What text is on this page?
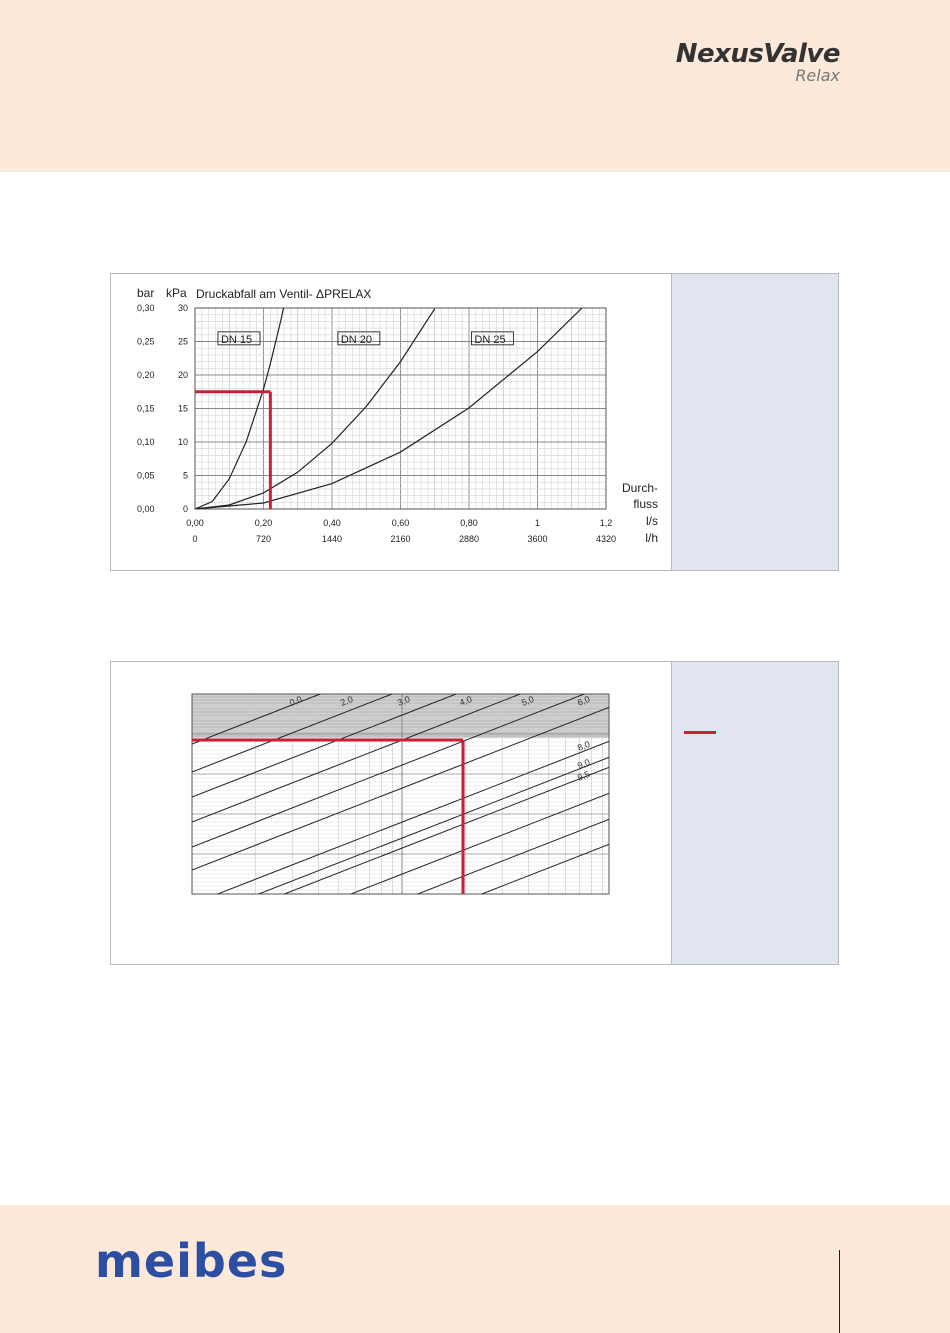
NexusValve
Relax
bar kPa Druckabfall am Ventil- ΔPRELAX
0,30
0,25
0,20
0,15
0,10
0,05
0,00
30
25
20
15
10
5
0
0,00	0,20	0,40	0,60	0,80	1	1,2
0	720	1440	2160	2880	3600	4320
Durch-
fluss
l/s
l/h
DN 15	DN 20	DN 25
0,0	2,0	3,0	4,0	5,0	6,0
8,0
9,0
9,5
meibes
